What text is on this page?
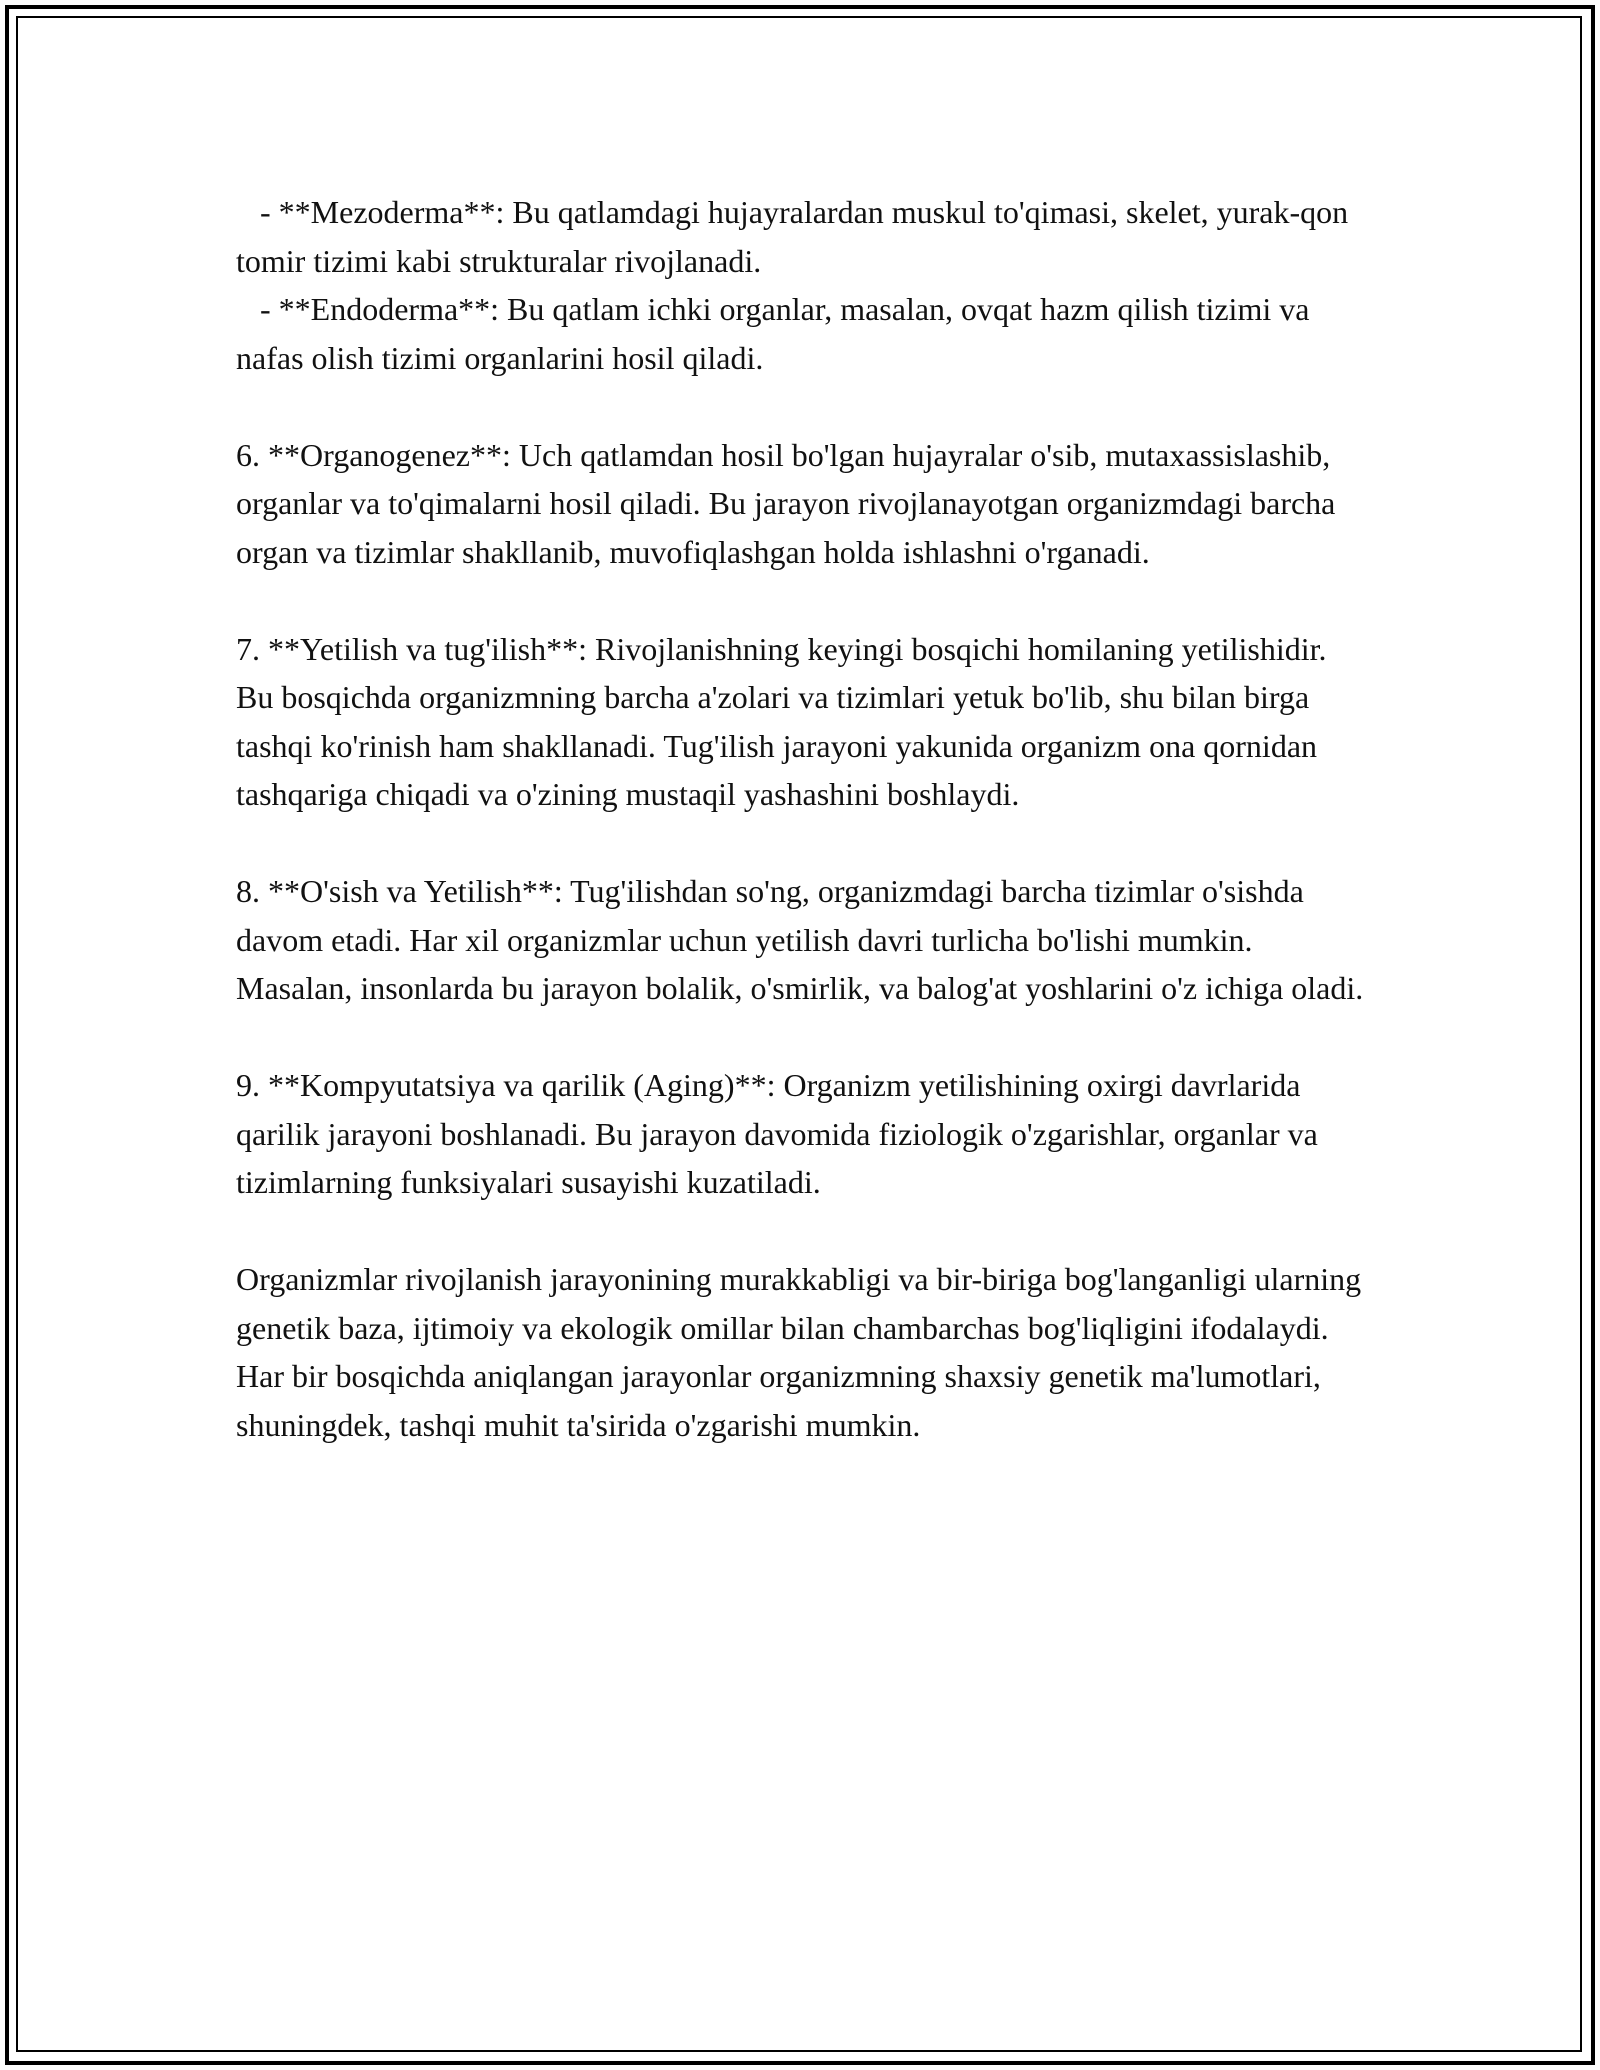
- **Mezoderma**: Bu qatlamdagi hujayralardan muskul to'qimasi, skelet, yurak-qon tomir tizimi kabi strukturalar rivojlanadi.

- **Endoderma**: Bu qatlam ichki organlar, masalan, ovqat hazm qilish tizimi va nafas olish tizimi organlarini hosil qiladi.

6. **Organogenez**: Uch qatlamdan hosil bo'lgan hujayralar o'sib, mutaxassislashib, organlar va to'qimalarni hosil qiladi. Bu jarayon rivojlanayotgan organizmdagi barcha organ va tizimlar shakllanib, muvofiqlashgan holda ishlashni o'rganadi.

7. **Yetilish va tug'ilish**: Rivojlanishning keyingi bosqichi homilaning yetilishidir. Bu bosqichda organizmning barcha a'zolari va tizimlari yetuk bo'lib, shu bilan birga tashqi ko'rinish ham shakllanadi. Tug'ilish jarayoni yakunida organizm ona qornidan tashqariga chiqadi va o'zining mustaqil yashashini boshlaydi.

8. **O'sish va Yetilish**: Tug'ilishdan so'ng, organizmdagi barcha tizimlar o'sishda davom etadi. Har xil organizmlar uchun yetilish davri turlicha bo'lishi mumkin. Masalan, insonlarda bu jarayon bolalik, o'smirlik, va balog'at yoshlarini o'z ichiga oladi.

9. **Kompyutatsiya va qarilik (Aging)**: Organizm yetilishining oxirgi davrlarida qarilik jarayoni boshlanadi. Bu jarayon davomida fiziologik o'zgarishlar, organlar va tizimlarning funksiyalari susayishi kuzatiladi.

Organizmlar rivojlanish jarayonining murakkabligi va bir-biriga bog'langanligi ularning genetik baza, ijtimoiy va ekologik omillar bilan chambarchas bog'liqligini ifodalaydi. Har bir bosqichda aniqlangan jarayonlar organizmning shaxsiy genetik ma'lumotlari, shuningdek, tashqi muhit ta'sirida o'zgarishi mumkin.
